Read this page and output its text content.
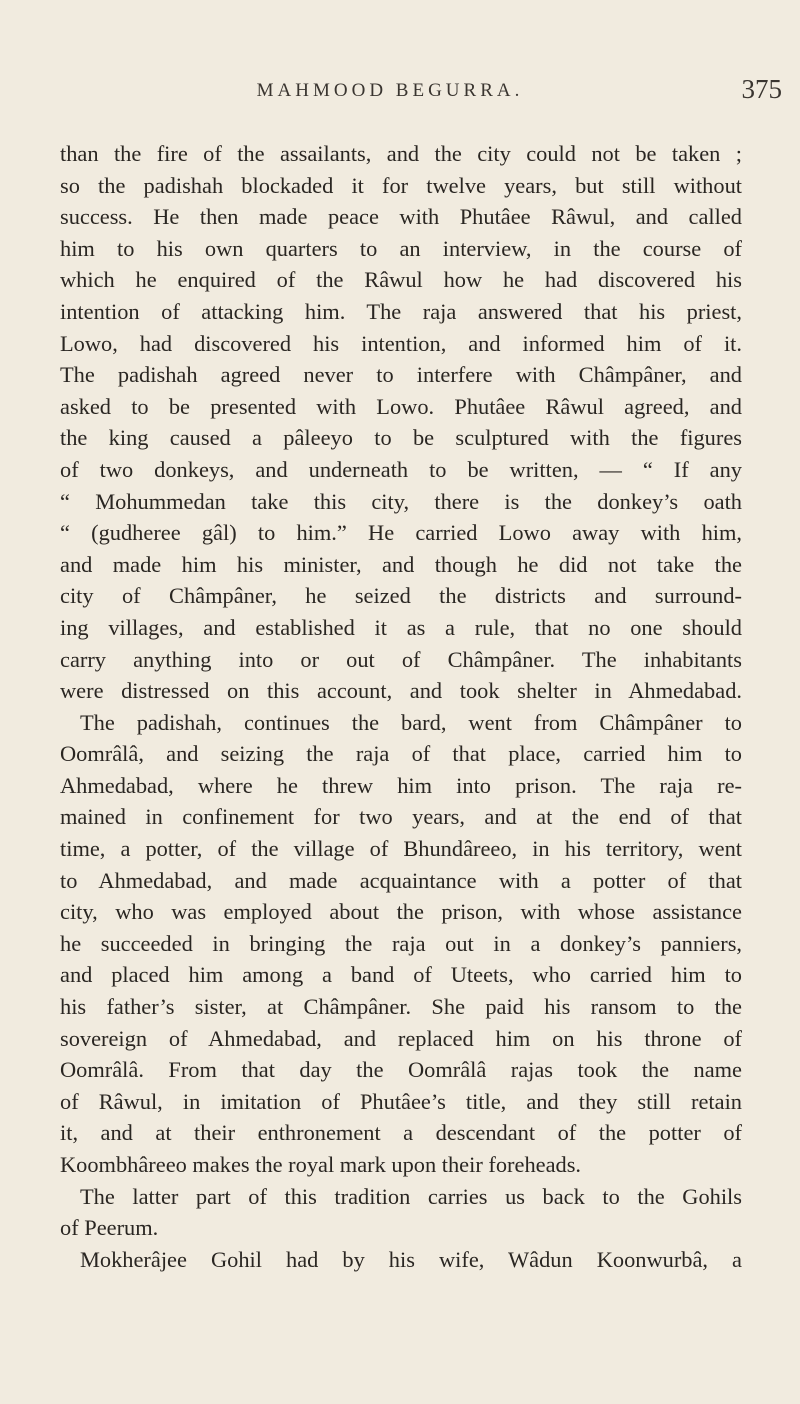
MAHMOOD BEGURRA.	375
than the fire of the assailants, and the city could not be taken ;
so the padishah blockaded it for twelve years, but still without
success. He then made peace with Phutâee Râwul, and called
him to his own quarters to an interview, in the course of
which he enquired of the Râwul how he had discovered his
intention of attacking him. The raja answered that his priest,
Lowo, had discovered his intention, and informed him of it.
The padishah agreed never to interfere with Châmpâner, and
asked to be presented with Lowo. Phutâee Râwul agreed, and
the king caused a pâleeyo to be sculptured with the figures
of two donkeys, and underneath to be written, — “ If any
“ Mohummedan take this city, there is the donkey’s oath
“ (gudheree gâl) to him.” He carried Lowo away with him,
and made him his minister, and though he did not take the
city of Châmpâner, he seized the districts and surround-
ing villages, and established it as a rule, that no one should
carry anything into or out of Châmpâner. The inhabitants
were distressed on this account, and took shelter in Ahmedabad.
The padishah, continues the bard, went from Châmpâner to
Oomrâlâ, and seizing the raja of that place, carried him to
Ahmedabad, where he threw him into prison. The raja re-
mained in confinement for two years, and at the end of that
time, a potter, of the village of Bhundâreeo, in his territory, went
to Ahmedabad, and made acquaintance with a potter of that
city, who was employed about the prison, with whose assistance
he succeeded in bringing the raja out in a donkey’s panniers,
and placed him among a band of Uteets, who carried him to
his father’s sister, at Châmpâner. She paid his ransom to the
sovereign of Ahmedabad, and replaced him on his throne of
Oomrâlâ. From that day the Oomrâlâ rajas took the name
of Râwul, in imitation of Phutâee’s title, and they still retain
it, and at their enthronement a descendant of the potter of
Koombhâreeo makes the royal mark upon their foreheads.
The latter part of this tradition carries us back to the Gohils
of Peerum.
Mokherâjee Gohil had by his wife, Wâdun Koonwurbâ, a
